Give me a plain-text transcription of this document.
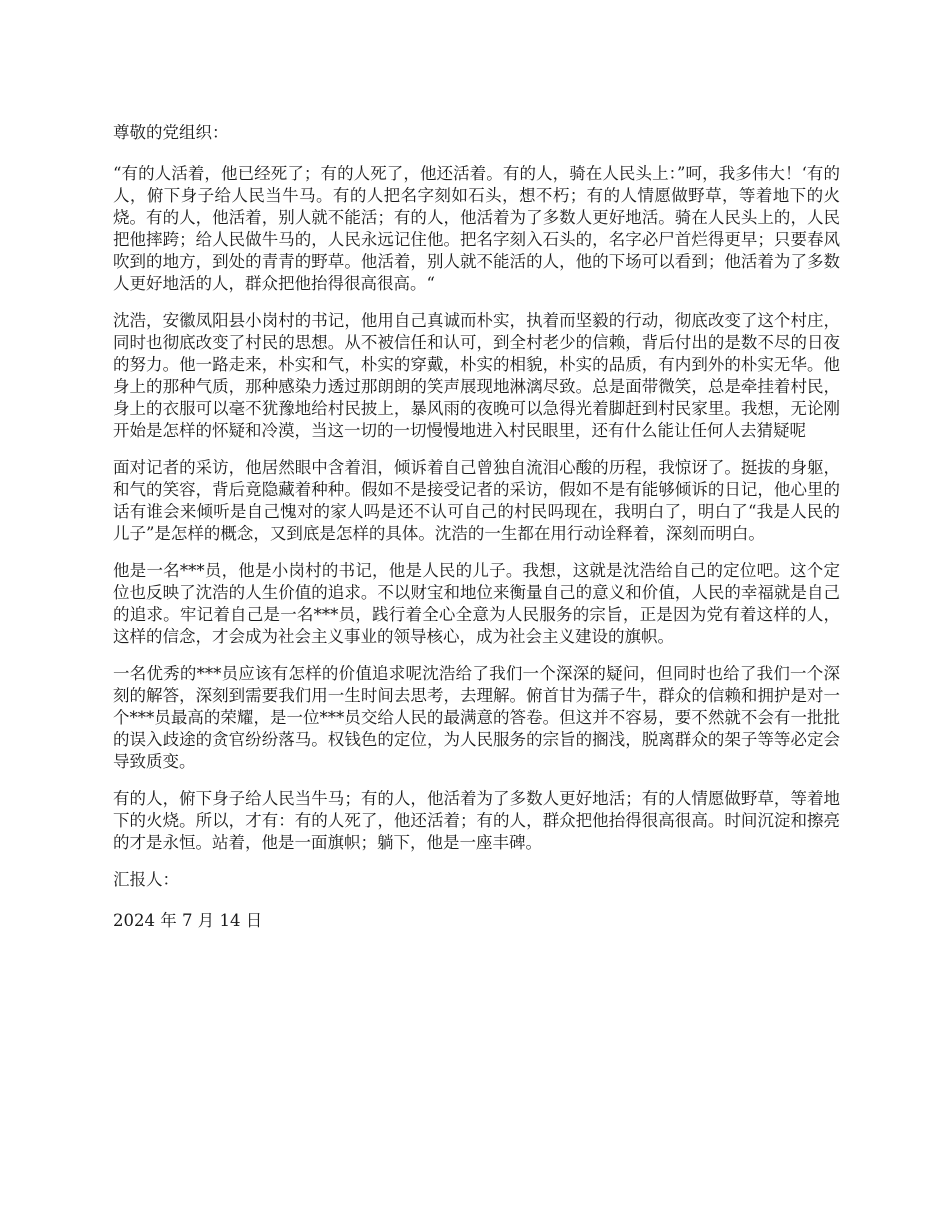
尊敬的党组织：

“有的人活着，他已经死了；有的人死了，他还活着。有的人，骑在人民头上：”呵，我多伟大！‘有的人，俯下身子给人民当牛马。有的人把名字刻如石头，想不朽；有的人情愿做野草，等着地下的火烧。有的人，他活着，别人就不能活；有的人，他活着为了多数人更好地活。骑在人民头上的，人民把他摔跨；给人民做牛马的，人民永远记住他。把名字刻入石头的，名字必尸首烂得更早；只要春风吹到的地方，到处的青青的野草。他活着，别人就不能活的人，他的下场可以看到；他活着为了多数人更好地活的人，群众把他抬得很高很高。“

沈浩，安徽凤阳县小岗村的书记，他用自己真诚而朴实，执着而坚毅的行动，彻底改变了这个村庄，同时也彻底改变了村民的思想。从不被信任和认可，到全村老少的信赖，背后付出的是数不尽的日夜的努力。他一路走来，朴实和气，朴实的穿戴，朴实的相貌，朴实的品质，有内到外的朴实无华。他身上的那种气质，那种感染力透过那朗朗的笑声展现地淋漓尽致。总是面带微笑，总是牵挂着村民，身上的衣服可以毫不犹豫地给村民披上，暴风雨的夜晚可以急得光着脚赶到村民家里。我想，无论刚开始是怎样的怀疑和冷漠，当这一切的一切慢慢地进入村民眼里，还有什么能让任何人去猜疑呢

面对记者的采访，他居然眼中含着泪，倾诉着自己曾独自流泪心酸的历程，我惊讶了。挺拔的身躯，和气的笑容，背后竟隐藏着种种。假如不是接受记者的采访，假如不是有能够倾诉的日记，他心里的话有谁会来倾听是自己愧对的家人吗是还不认可自己的村民吗现在，我明白了，明白了“我是人民的儿子”是怎样的概念，又到底是怎样的具体。沈浩的一生都在用行动诠释着，深刻而明白。

他是一名***员，他是小岗村的书记，他是人民的儿子。我想，这就是沈浩给自己的定位吧。这个定位也反映了沈浩的人生价值的追求。不以财宝和地位来衡量自己的意义和价值，人民的幸福就是自己的追求。牢记着自己是一名***员，践行着全心全意为人民服务的宗旨，正是因为党有着这样的人，这样的信念，才会成为社会主义事业的领导核心，成为社会主义建设的旗帜。

一名优秀的***员应该有怎样的价值追求呢沈浩给了我们一个深深的疑问，但同时也给了我们一个深刻的解答，深刻到需要我们用一生时间去思考，去理解。俯首甘为孺子牛，群众的信赖和拥护是对一个***员最高的荣耀，是一位***员交给人民的最满意的答卷。但这并不容易，要不然就不会有一批批的误入歧途的贪官纷纷落马。权钱色的定位，为人民服务的宗旨的搁浅，脱离群众的架子等等必定会导致质变。

有的人，俯下身子给人民当牛马；有的人，他活着为了多数人更好地活；有的人情愿做野草，等着地下的火烧。所以，才有：有的人死了，他还活着；有的人，群众把他抬得很高很高。时间沉淀和擦亮的才是永恒。站着，他是一面旗帜；躺下，他是一座丰碑。

汇报人：

2024 年 7 月 14 日
